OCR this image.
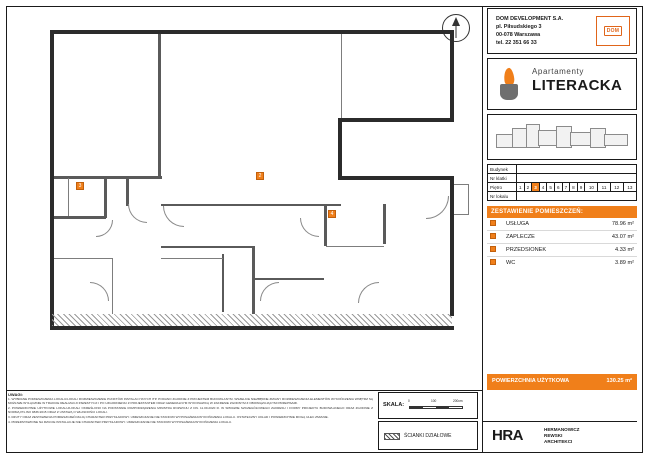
2
3
4
DOM DEVELOPMENT S.A.
pl. Piłsudskiego 3
00-078 Warszawa
tel. 22 351 66 33
DOM
Apartamenty
LITERACKA
Budynek													
Nr klatki													
Piętro	1	2	3	4	5	6	7	8	9	10	11	12	13
Nr lokalu													
ZESTAWIENIE POMIESZCZEŃ:
	USŁUGA	78.96 m²
	ZAPLECZE	43.07 m²
	PRZEDSIONEK	4.33 m²
	WC	3.89 m²
POWIERZCHNIA UŻYTKOWA	130.25 m²
UWAGI:

1. WYBRANE POMIESZCZENIA LOKALU/LOKALI ROZMIESZCZENIE PUNKTÓW INSTALACYJNYCH ITP. PODANO ZGODNIE Z PROJEKTEM BUDOWLANYM. WSZELKIE NIEZBĘDNE ZMIANY ROZMIESZCZENIA ELEMENTÓW WYKOŃCZENIA WNĘTRZ SĄ MOŻLIWE WYŁĄCZNIE W TRAKCIE REALIZACJI INWESTYCJI I PO UZGODNIENIU Z PROJEKTANTEM ORAZ GENERALNYM WYKONAWCĄ W ZAKRESIE ZGODNYM Z OBOWIĄZUJĄCYMI PRZEPISAMI.

2. POWIERZCHNIE UŻYTKOWE LOKALU/LOKALI OKREŚLONO NA PODSTAWIE ROZPORZĄDZENIA MINISTRA ROZWOJU Z DN. 11.09.2020 R. W SPRAWIE SZCZEGÓŁOWEGO ZAKRESU I FORMY PROJEKTU BUDOWLANEGO ORAZ ZGODNIE Z NORMĄ PN-ISO 9836:2015 ORAZ Z USTAWĄ O WŁASNOŚCI LOKALI.

3. RZUTY ORAZ ZESTAWIENIA POMIESZCZEŃ MAJĄ CHARAKTER PRZYKŁADOWY. UMIESZCZANIE NIE STANOWI WYPOSAŻENIA/WYKOŃCZENIA LOKALU. OSTATECZNY UKŁAD I POWIERZCHNIE MOGĄ ULEC ZMIANIE.

4. PRZEDSTAWIONE NA RZUCIE INSTALACJE NIE CHARAKTER PRZYKŁADOWY. UMIESZCZANIE NIE STANOWI WYPOSAŻENIA/WYKOŃCZENIA LOKALU.

SKALA:
0	100	200cm
ŚCIANKI DZIAŁOWE	HRA	HERMANOWICZ
REWSKI
ARCHITEKCI
